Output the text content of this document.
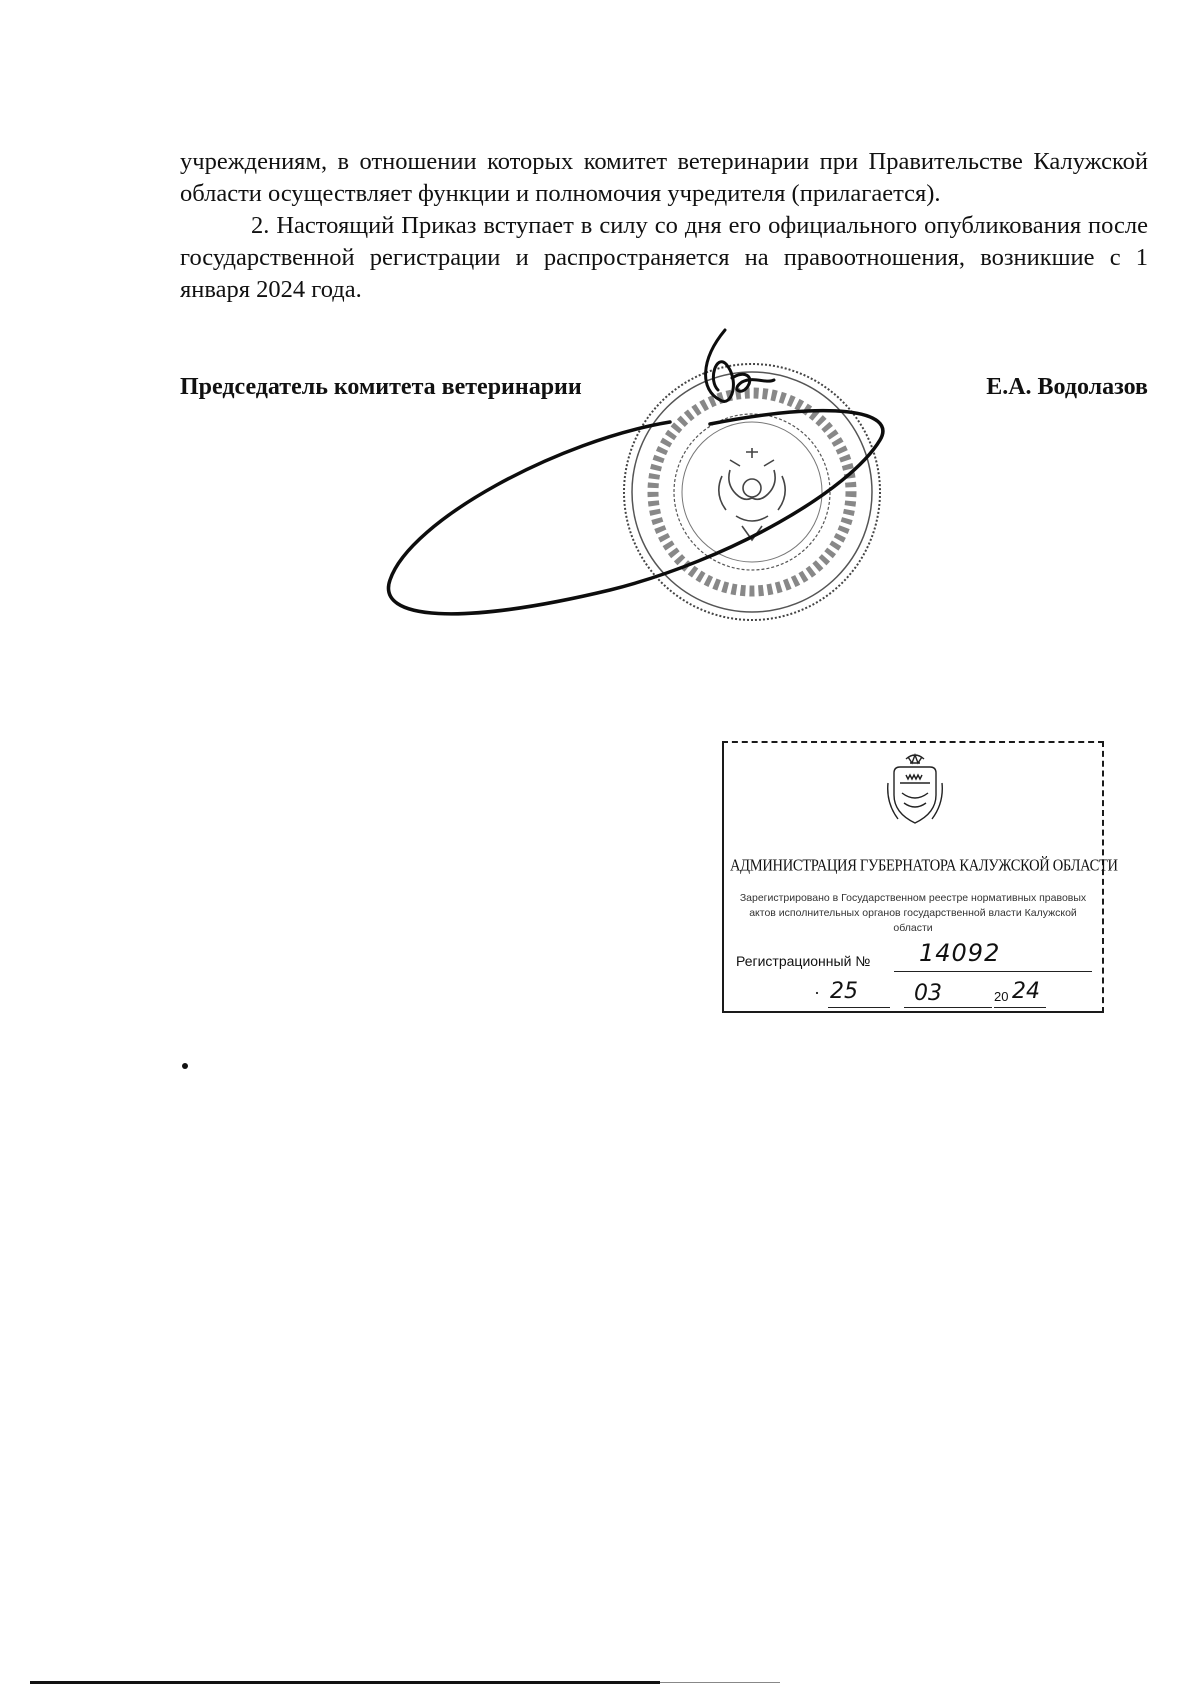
учреждениям, в отношении которых комитет ветеринарии при Правительстве Калужской области осуществляет функции и полномочия учредителя (прилагается).

2. Настоящий Приказ вступает в силу со дня его официального опубликования после государственной регистрации и распространяется на правоотношения, возникшие с 1 января 2024 года.

Председатель комитета ветеринарии	Е.А. Водолазов
АДМИНИСТРАЦИЯ ГУБЕРНАТОРА КАЛУЖСКОЙ ОБЛАСТИ
Зарегистрировано в Государственном реестре нормативных правовых актов исполнительных органов государственной власти Калужской области
Регистрационный № 14092
· 25	03	20 24
